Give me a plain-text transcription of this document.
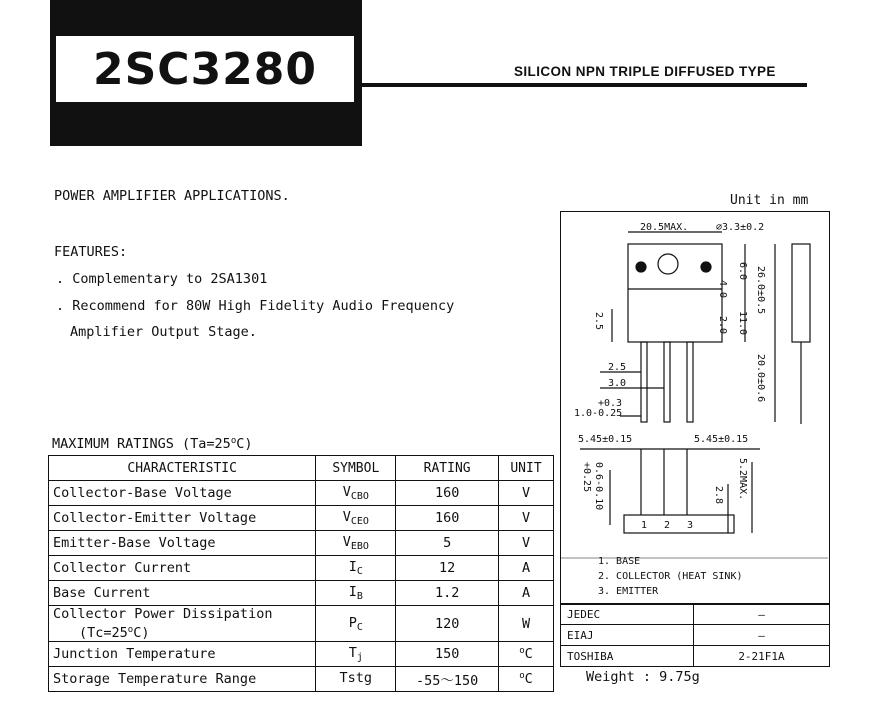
2SC3280	SILICON NPN TRIPLE DIFFUSED TYPE
POWER AMPLIFIER APPLICATIONS.
FEATURES:
. Complementary to 2SA1301
. Recommend for 80W High Fidelity Audio Frequency
Amplifier Output Stage.
MAXIMUM RATINGS $(Ta=25^oC)$
CHARACTERISTIC	SYMBOL	RATING	UNIT
Collector-Base Voltage	$V_{CBO}$	160	V
Collector-Emitter Voltage	$V_{CEO}$	160	V
Emitter-Base Voltage	$V_{EBO}$	5	V
Collector Current	$I_C$	12	A
Base Current	$I_B$	1.2	A

Collector Power Dissipation
$(Tc=25^oC)$	$P_C$	120	W
Junction Temperature	$T_j$	150	$^o$C
Storage Temperature Range	Tstg	-55～150	$^o$C
Unit in mm
20.5MAX.	⌀3.3±0.2
6.0
4.0	26.0±0.5
2.0 11.0
2.5
2.5
3.0	20.0±0.6
+0.3
1.0-0.25
5.45±0.15	5.45±0.15
+0.25 0.6-0.10	2.8 5.2MAX.
1 2 3
1. BASE
2. COLLECTOR (HEAT SINK)
3. EMITTER
JEDEC	—
EIAJ	—
TOSHIBA	2-21F1A
Weight : 9.75g
